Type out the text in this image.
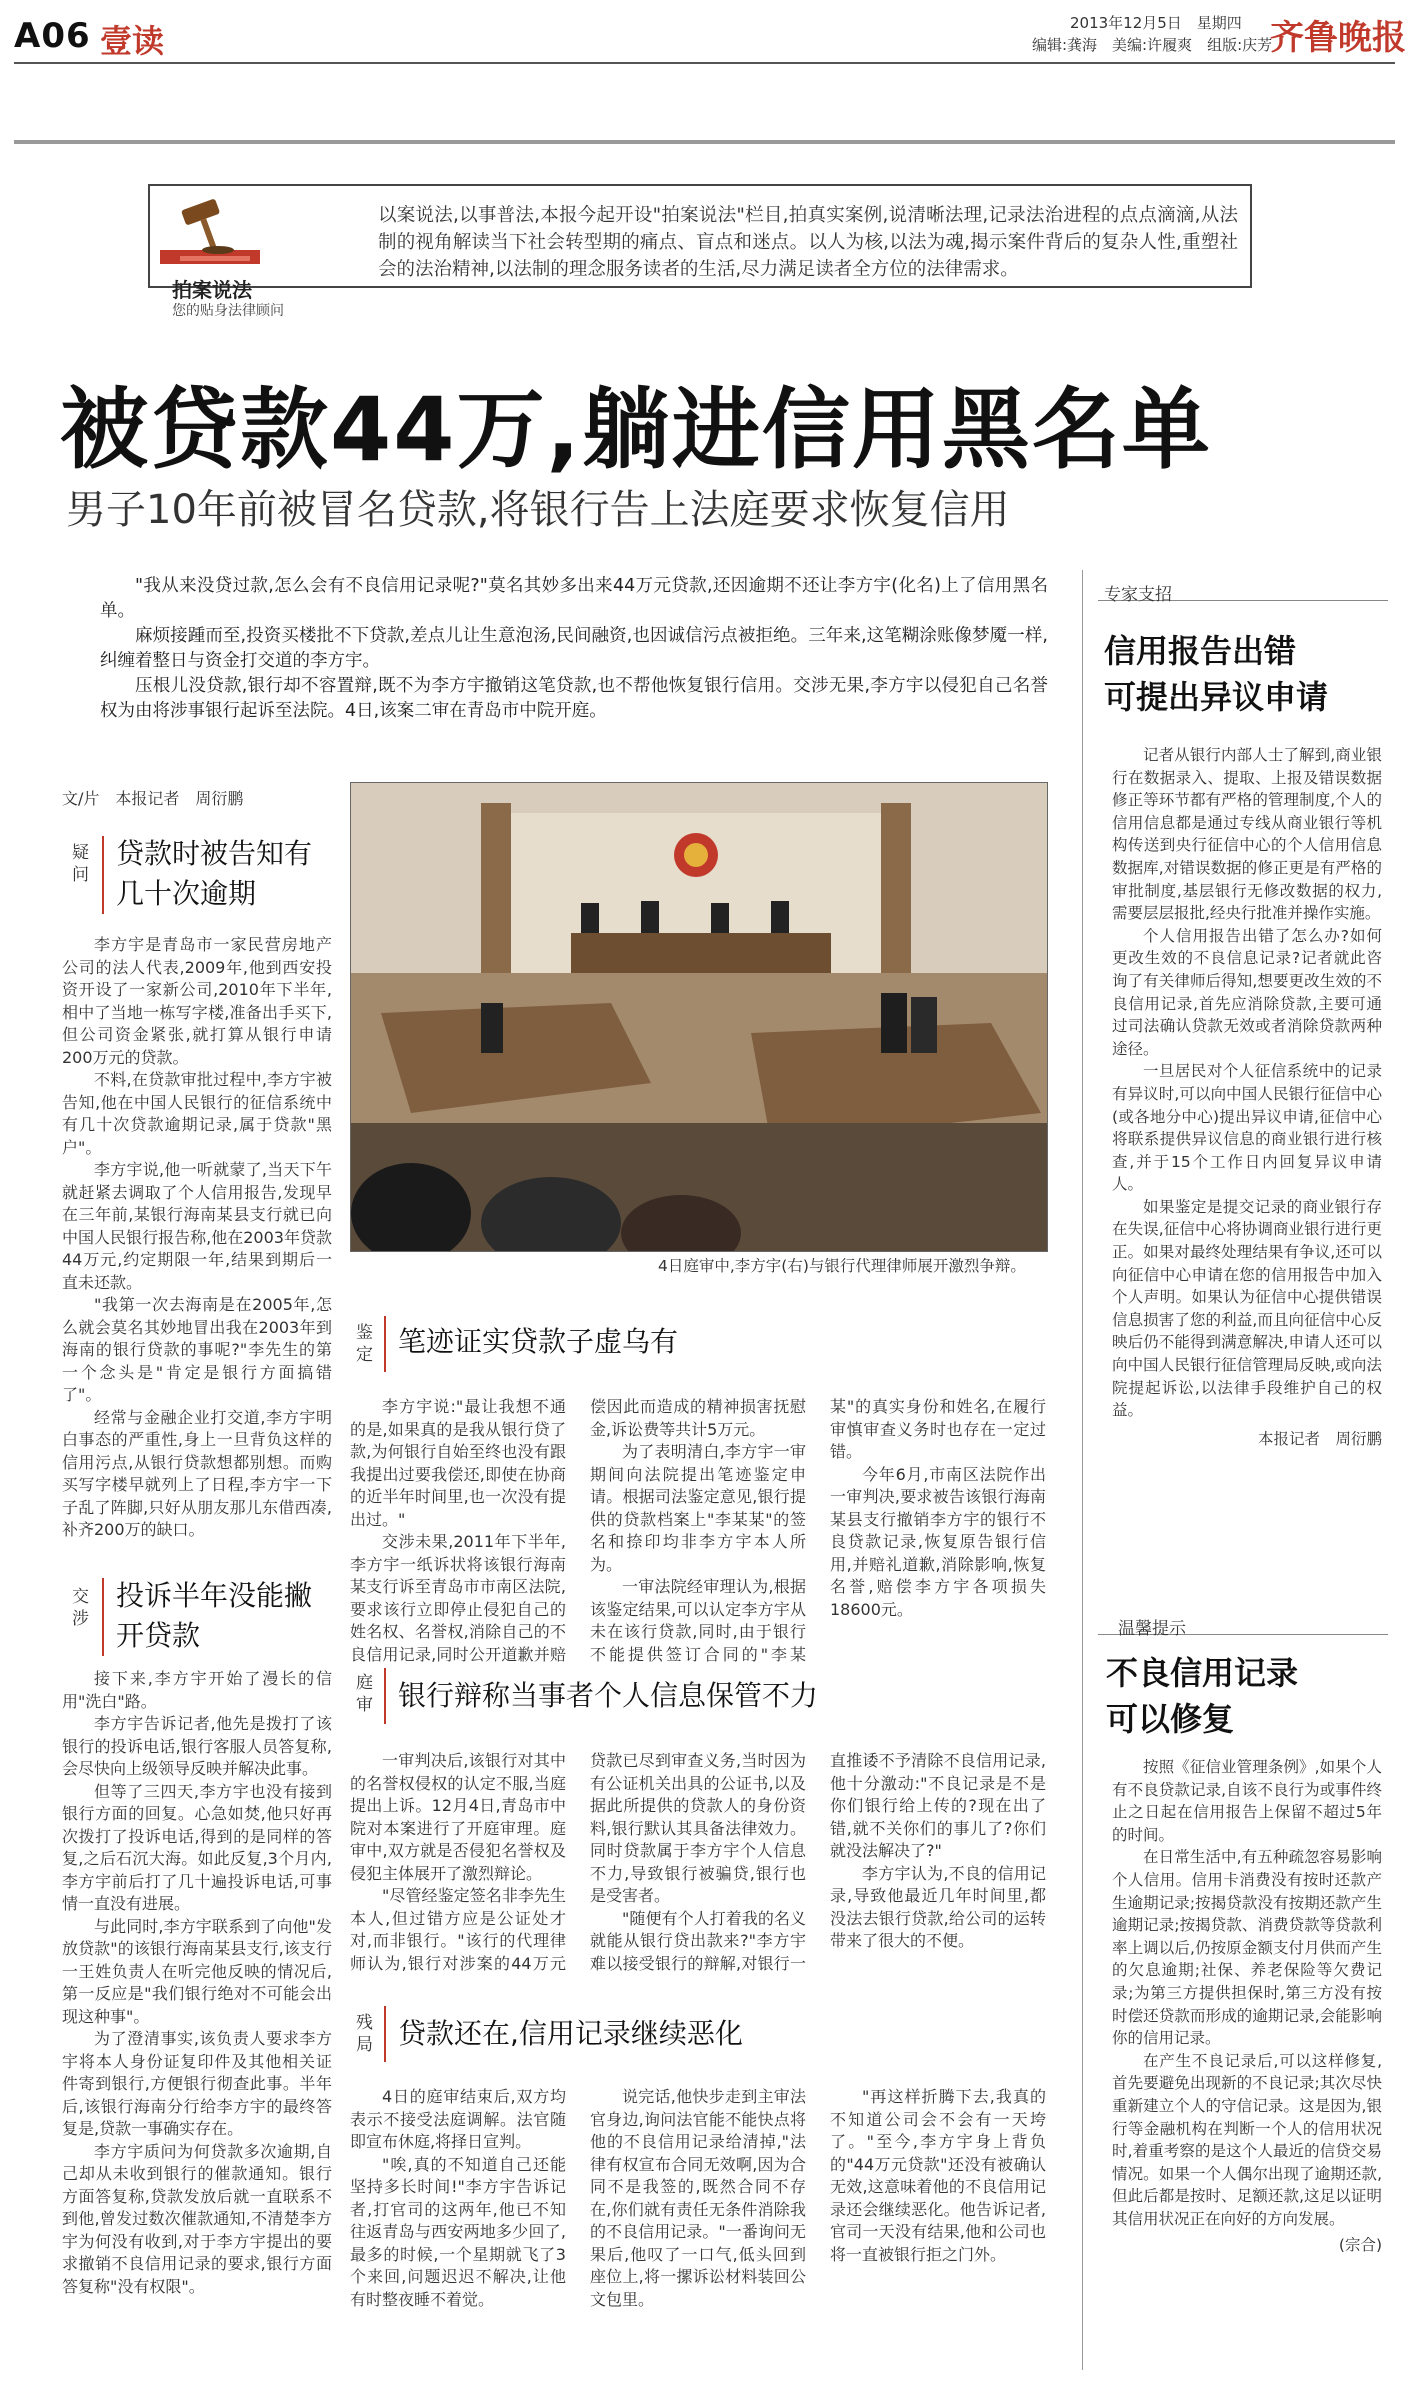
A06 壹读	2013年12月5日　星期四
编辑:龚海　美编:许履爽　组版:庆芳
齐鲁晚报
以案说法,以事普法,本报今起开设"拍案说法"栏目,拍真实案例,说清晰法理,记录法治进程的点点滴滴,从法制的视角解读当下社会转型期的痛点、盲点和迷点。以人为核,以法为魂,揭示案件背后的复杂人性,重塑社会的法治精神,以法制的理念服务读者的生活,尽力满足读者全方位的法律需求。
拍案说法
您的贴身法律顾问
被贷款44万,躺进信用黑名单
男子10年前被冒名贷款,将银行告上法庭要求恢复信用

"我从来没贷过款,怎么会有不良信用记录呢?"莫名其妙多出来44万元贷款,还因逾期不还让李方宇(化名)上了信用黑名单。

麻烦接踵而至,投资买楼批不下贷款,差点儿让生意泡汤,民间融资,也因诚信污点被拒绝。三年来,这笔糊涂账像梦魇一样,纠缠着整日与资金打交道的李方宇。

压根儿没贷款,银行却不容置辩,既不为李方宇撤销这笔贷款,也不帮他恢复银行信用。交涉无果,李方宇以侵犯自己名誉权为由将涉事银行起诉至法院。4日,该案二审在青岛市中院开庭。

文/片　本报记者　周衍鹏
疑问
贷款时被告知有几十次逾期

李方宇是青岛市一家民营房地产公司的法人代表,2009年,他到西安投资开设了一家新公司,2010年下半年,相中了当地一栋写字楼,准备出手买下,但公司资金紧张,就打算从银行申请200万元的贷款。

不料,在贷款审批过程中,李方宇被告知,他在中国人民银行的征信系统中有几十次贷款逾期记录,属于贷款"黑户"。

李方宇说,他一听就蒙了,当天下午就赶紧去调取了个人信用报告,发现早在三年前,某银行海南某县支行就已向中国人民银行报告称,他在2003年贷款44万元,约定期限一年,结果到期后一直未还款。

"我第一次去海南是在2005年,怎么就会莫名其妙地冒出我在2003年到海南的银行贷款的事呢?"李先生的第一个念头是"肯定是银行方面搞错了"。

经常与金融企业打交道,李方宇明白事态的严重性,身上一旦背负这样的信用污点,从银行贷款想都别想。而购买写字楼早就列上了日程,李方宇一下子乱了阵脚,只好从朋友那儿东借西凑,补齐200万的缺口。

交涉
投诉半年没能撇开贷款

接下来,李方宇开始了漫长的信用"洗白"路。

李方宇告诉记者,他先是拨打了该银行的投诉电话,银行客服人员答复称,会尽快向上级领导反映并解决此事。

但等了三四天,李方宇也没有接到银行方面的回复。心急如焚,他只好再次拨打了投诉电话,得到的是同样的答复,之后石沉大海。如此反复,3个月内,李方宇前后打了几十遍投诉电话,可事情一直没有进展。

与此同时,李方宇联系到了向他"发放贷款"的该银行海南某县支行,该支行一王姓负责人在听完他反映的情况后,第一反应是"我们银行绝对不可能会出现这种事"。

为了澄清事实,该负责人要求李方宇将本人身份证复印件及其他相关证件寄到银行,方便银行彻查此事。半年后,该银行海南分行给李方宇的最终答复是,贷款一事确实存在。

李方宇质问为何贷款多次逾期,自己却从未收到银行的催款通知。银行方面答复称,贷款发放后就一直联系不到他,曾发过数次催款通知,不清楚李方宇为何没有收到,对于李方宇提出的要求撤销不良信用记录的要求,银行方面答复称"没有权限"。

4日庭审中,李方宇(右)与银行代理律师展开激烈争辩。
鉴定 笔迹证实贷款子虚乌有

李方宇说:"最让我想不通的是,如果真的是我从银行贷了款,为何银行自始至终也没有跟我提出过要我偿还,即使在协商的近半年时间里,也一次没有提出过。"

交涉未果,2011年下半年,李方宇一纸诉状将该银行海南某支行诉至青岛市市南区法院,要求该行立即停止侵犯自己的姓名权、名誉权,消除自己的不良信用记录,同时公开道歉并赔偿因此而造成的精神损害抚慰金,诉讼费等共计5万元。

为了表明清白,李方宇一审期间向法院提出笔迹鉴定申请。根据司法鉴定意见,银行提供的贷款档案上"李某某"的签名和捺印均非李方宇本人所为。

一审法院经审理认为,根据该鉴定结果,可以认定李方宇从未在该行贷款,同时,由于银行不能提供签订合同的"李某某"的真实身份和姓名,在履行审慎审查义务时也存在一定过错。

今年6月,市南区法院作出一审判决,要求被告该银行海南某县支行撤销李方宇的银行不良贷款记录,恢复原告银行信用,并赔礼道歉,消除影响,恢复名誉,赔偿李方宇各项损失18600元。

庭审 银行辩称当事者个人信息保管不力

一审判决后,该银行对其中的名誉权侵权的认定不服,当庭提出上诉。12月4日,青岛市中院对本案进行了开庭审理。庭审中,双方就是否侵犯名誉权及侵犯主体展开了激烈辩论。

"尽管经鉴定签名非李先生本人,但过错方应是公证处才对,而非银行。"该行的代理律师认为,银行对涉案的44万元贷款已尽到审查义务,当时因为有公证机关出具的公证书,以及据此所提供的贷款人的身份资料,银行默认其具备法律效力。同时贷款属于李方宇个人信息不力,导致银行被骗贷,银行也是受害者。

"随便有个人打着我的名义就能从银行贷出款来?"李方宇难以接受银行的辩解,对银行一直推诿不予清除不良信用记录,他十分激动:"不良记录是不是你们银行给上传的?现在出了错,就不关你们的事儿了?你们就没法解决了?"

李方宇认为,不良的信用记录,导致他最近几年时间里,都没法去银行贷款,给公司的运转带来了很大的不便。

残局 贷款还在,信用记录继续恶化

4日的庭审结束后,双方均表示不接受法庭调解。法官随即宣布休庭,将择日宣判。

"唉,真的不知道自己还能坚持多长时间!"李方宇告诉记者,打官司的这两年,他已不知往返青岛与西安两地多少回了,最多的时候,一个星期就飞了3个来回,问题迟迟不解决,让他有时整夜睡不着觉。

说完话,他快步走到主审法官身边,询问法官能不能快点将他的不良信用记录给清掉,"法律有权宣布合同无效啊,因为合同不是我签的,既然合同不存在,你们就有责任无条件消除我的不良信用记录。"一番询问无果后,他叹了一口气,低头回到座位上,将一摞诉讼材料装回公文包里。

"再这样折腾下去,我真的不知道公司会不会有一天垮了。"至今,李方宇身上背负的"44万元贷款"还没有被确认无效,这意味着他的不良信用记录还会继续恶化。他告诉记者,官司一天没有结果,他和公司也将一直被银行拒之门外。

专家支招
信用报告出错
可提出异议申请

记者从银行内部人士了解到,商业银行在数据录入、提取、上报及错误数据修正等环节都有严格的管理制度,个人的信用信息都是通过专线从商业银行等机构传送到央行征信中心的个人信用信息数据库,对错误数据的修正更是有严格的审批制度,基层银行无修改数据的权力,需要层层报批,经央行批准并操作实施。

个人信用报告出错了怎么办?如何更改生效的不良信息记录?记者就此咨询了有关律师后得知,想要更改生效的不良信用记录,首先应消除贷款,主要可通过司法确认贷款无效或者消除贷款两种途径。

一旦居民对个人征信系统中的记录有异议时,可以向中国人民银行征信中心(或各地分中心)提出异议申请,征信中心将联系提供异议信息的商业银行进行核查,并于15个工作日内回复异议申请人。

如果鉴定是提交记录的商业银行存在失误,征信中心将协调商业银行进行更正。如果对最终处理结果有争议,还可以向征信中心申请在您的信用报告中加入个人声明。如果认为征信中心提供错误信息损害了您的利益,而且向征信中心反映后仍不能得到满意解决,申请人还可以向中国人民银行征信管理局反映,或向法院提起诉讼,以法律手段维护自己的权益。

本报记者　周衍鹏
温馨提示
不良信用记录
可以修复

按照《征信业管理条例》,如果个人有不良贷款记录,自该不良行为或事件终止之日起在信用报告上保留不超过5年的时间。

在日常生活中,有五种疏忽容易影响个人信用。信用卡消费没有按时还款产生逾期记录;按揭贷款没有按期还款产生逾期记录;按揭贷款、消费贷款等贷款利率上调以后,仍按原金额支付月供而产生的欠息逾期;社保、养老保险等欠费记录;为第三方提供担保时,第三方没有按时偿还贷款而形成的逾期记录,会能影响你的信用记录。

在产生不良记录后,可以这样修复,首先要避免出现新的不良记录;其次尽快重新建立个人的守信记录。这是因为,银行等金融机构在判断一个人的信用状况时,着重考察的是这个人最近的信贷交易情况。如果一个人偶尔出现了逾期还款,但此后都是按时、足额还款,这足以证明其信用状况正在向好的方向发展。

(宗合)
